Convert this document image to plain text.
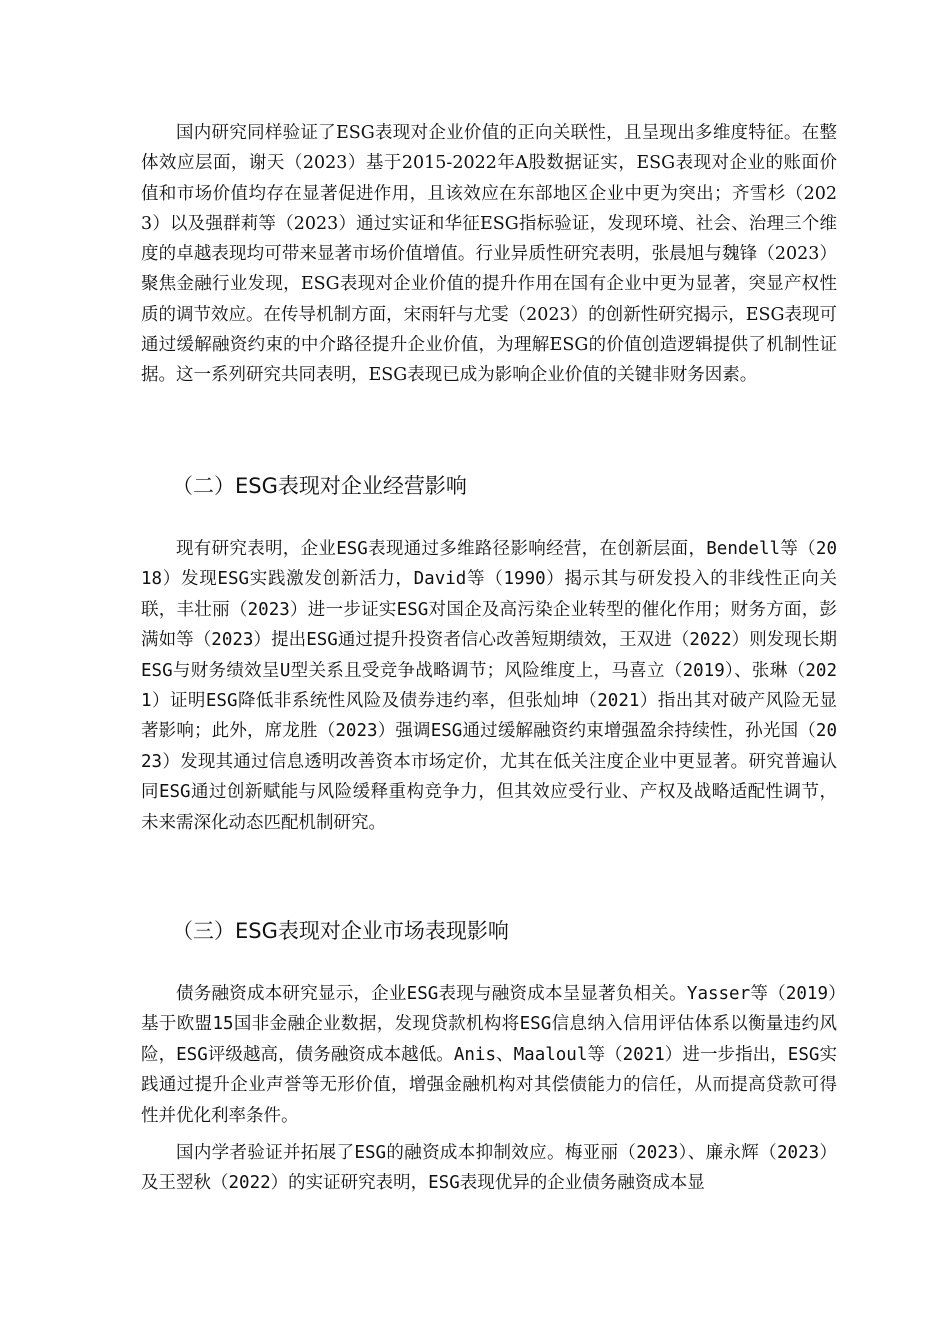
国内研究同样验证了ESG表现对企业价值的正向关联性，且呈现出多维度特征。在整体效应层面，谢天（2023）基于2015-2022年A股数据证实，ESG表现对企业的账面价值和市场价值均存在显著促进作用，且该效应在东部地区企业中更为突出；齐雪杉（2023）以及强群莉等（2023）通过实证和华征ESG指标验证，发现环境、社会、治理三个维度的卓越表现均可带来显著市场价值增值。行业异质性研究表明，张晨旭与魏锋（2023）聚焦金融行业发现，ESG表现对企业价值的提升作用在国有企业中更为显著，突显产权性质的调节效应。在传导机制方面，宋雨轩与尤雯（2023）的创新性研究揭示，ESG表现可通过缓解融资约束的中介路径提升企业价值，为理解ESG的价值创造逻辑提供了机制性证据。这一系列研究共同表明，ESG表现已成为影响企业价值的关键非财务因素。

（二）ESG表现对企业经营影响

现有研究表明，企业ESG表现通过多维路径影响经营，在创新层面，Bendell等（2018）发现ESG实践激发创新活力，David等（1990）揭示其与研发投入的非线性正向关联，丰壮丽（2023）进一步证实ESG对国企及高污染企业转型的催化作用；财务方面，彭满如等（2023）提出ESG通过提升投资者信心改善短期绩效，王双进（2022）则发现长期ESG与财务绩效呈U型关系且受竞争战略调节；风险维度上，马喜立（2019）、张琳（2021）证明ESG降低非系统性风险及债券违约率，但张灿坤（2021）指出其对破产风险无显著影响；此外，席龙胜（2023）强调ESG通过缓解融资约束增强盈余持续性，孙光国（2023）发现其通过信息透明改善资本市场定价，尤其在低关注度企业中更显著。研究普遍认同ESG通过创新赋能与风险缓释重构竞争力，但其效应受行业、产权及战略适配性调节，未来需深化动态匹配机制研究。

（三）ESG表现对企业市场表现影响

债务融资成本研究显示，企业ESG表现与融资成本呈显著负相关。Yasser等（2019）基于欧盟15国非金融企业数据，发现贷款机构将ESG信息纳入信用评估体系以衡量违约风险，ESG评级越高，债务融资成本越低。Anis、Maaloul等（2021）进一步指出，ESG实践通过提升企业声誉等无形价值，增强金融机构对其偿债能力的信任，从而提高贷款可得性并优化利率条件。

国内学者验证并拓展了ESG的融资成本抑制效应。梅亚丽（2023）、廉永辉（2023）及王翌秋（2022）的实证研究表明，ESG表现优异的企业债务融资成本显
